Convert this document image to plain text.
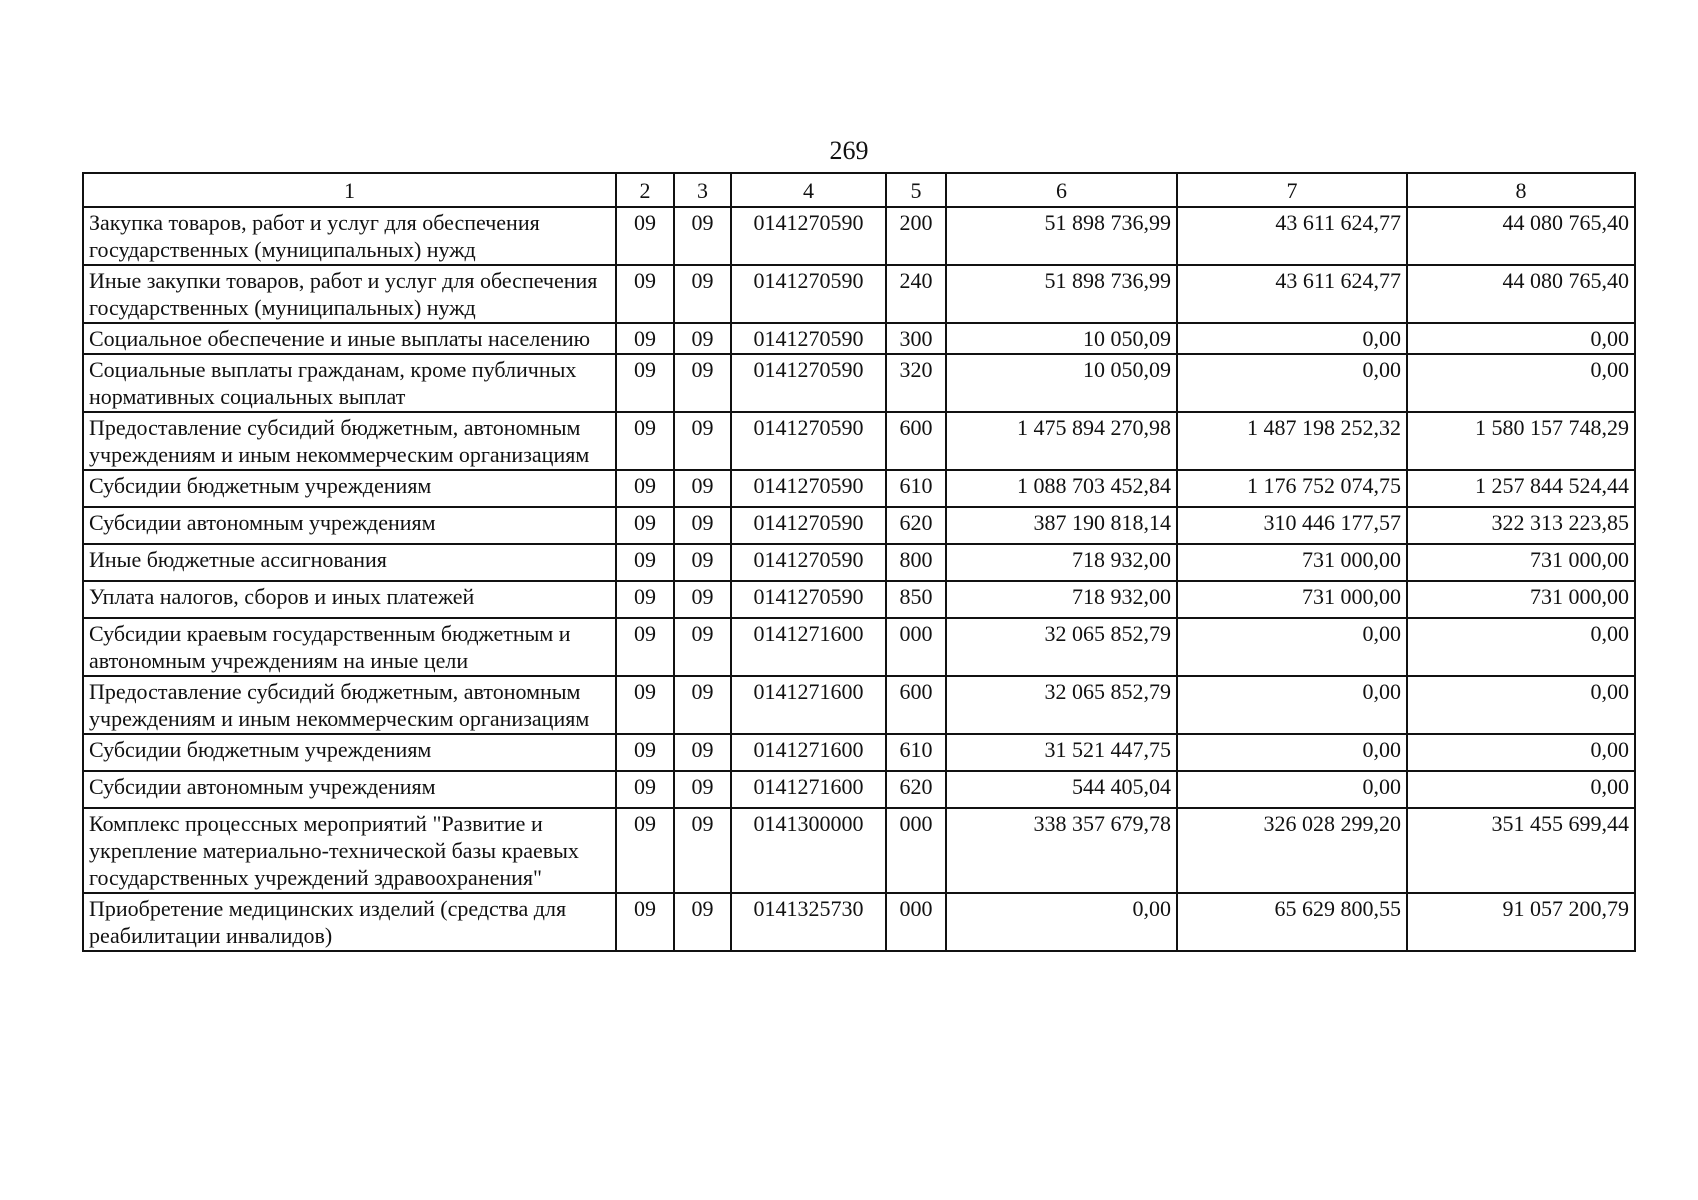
269
1	2	3	4	5	6	7	8
Закупка товаров, работ и услуг для обеспечения государственных (муниципальных) нужд	09	09	0141270590	200	51 898 736,99	43 611 624,77	44 080 765,40
Иные закупки товаров, работ и услуг для обеспечения государственных (муниципальных) нужд	09	09	0141270590	240	51 898 736,99	43 611 624,77	44 080 765,40
Социальное обеспечение и иные выплаты населению	09	09	0141270590	300	10 050,09	0,00	0,00
Социальные выплаты гражданам, кроме публичных нормативных социальных выплат	09	09	0141270590	320	10 050,09	0,00	0,00
Предоставление субсидий бюджетным, автономным учреждениям и иным некоммерческим организациям	09	09	0141270590	600	1 475 894 270,98	1 487 198 252,32	1 580 157 748,29
Субсидии бюджетным учреждениям	09	09	0141270590	610	1 088 703 452,84	1 176 752 074,75	1 257 844 524,44
Субсидии автономным учреждениям	09	09	0141270590	620	387 190 818,14	310 446 177,57	322 313 223,85
Иные бюджетные ассигнования	09	09	0141270590	800	718 932,00	731 000,00	731 000,00
Уплата налогов, сборов и иных платежей	09	09	0141270590	850	718 932,00	731 000,00	731 000,00
Субсидии краевым государственным бюджетным и автономным учреждениям на иные цели	09	09	0141271600	000	32 065 852,79	0,00	0,00
Предоставление субсидий бюджетным, автономным учреждениям и иным некоммерческим организациям	09	09	0141271600	600	32 065 852,79	0,00	0,00
Субсидии бюджетным учреждениям	09	09	0141271600	610	31 521 447,75	0,00	0,00
Субсидии автономным учреждениям	09	09	0141271600	620	544 405,04	0,00	0,00
Комплекс процессных мероприятий "Развитие и укрепление материально-технической базы краевых государственных учреждений здравоохранения"	09	09	0141300000	000	338 357 679,78	326 028 299,20	351 455 699,44
Приобретение медицинских изделий (средства для реабилитации инвалидов)	09	09	0141325730	000	0,00	65 629 800,55	91 057 200,79
